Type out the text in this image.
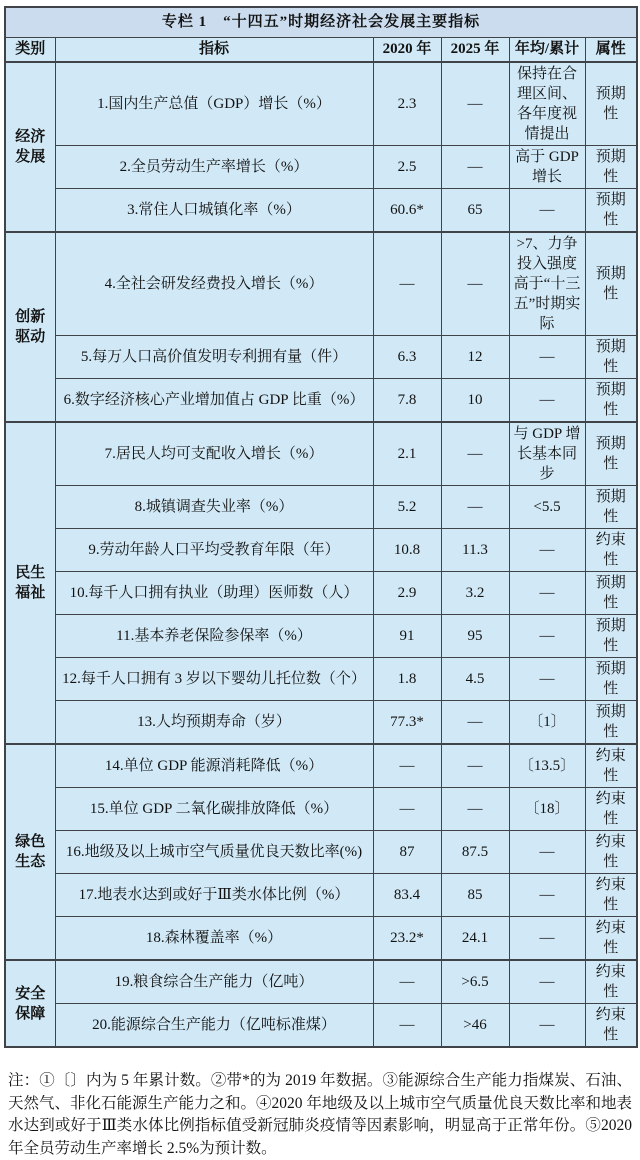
专栏 1　“十四五”时期经济社会发展主要指标					
类别	指标	2020 年	2025 年	年均/累计	属性
经济发展	1.国内生产总值（GDP）增长（%）	2.3	—	保持在合理区间、各年度视情提出	预期性
	2.全员劳动生产率增长（%）	2.5	—	高于 GDP 增长	预期性
	3.常住人口城镇化率（%）	60.6*	65	—	预期性
创新驱动	4.全社会研发经费投入增长（%）	—	—	>7、力争投入强度高于“十三五”时期实际	预期性
	5.每万人口高价值发明专利拥有量（件）	6.3	12	—	预期性
	6.数字经济核心产业增加值占 GDP 比重（%）	7.8	10	—	预期性
民生福祉	7.居民人均可支配收入增长（%）	2.1	—	与 GDP 增长基本同步	预期性
	8.城镇调查失业率（%）	5.2	—	<5.5	预期性
	9.劳动年龄人口平均受教育年限（年）	10.8	11.3	—	约束性
	10.每千人口拥有执业（助理）医师数（人）	2.9	3.2	—	预期性
	11.基本养老保险参保率（%）	91	95	—	预期性
	12.每千人口拥有 3 岁以下婴幼儿托位数（个）	1.8	4.5	—	预期性
	13.人均预期寿命（岁）	77.3*	—	〔1〕	预期性
绿色生态	14.单位 GDP 能源消耗降低（%）	—	—	〔13.5〕	约束性
	15.单位 GDP 二氧化碳排放降低（%）	—	—	〔18〕	约束性
	16.地级及以上城市空气质量优良天数比率(%)	87	87.5	—	约束性
	17.地表水达到或好于Ⅲ类水体比例（%）	83.4	85	—	约束性
	18.森林覆盖率（%）	23.2*	24.1	—	约束性
安全保障	19.粮食综合生产能力（亿吨）	—	>6.5	—	约束性
	20.能源综合生产能力（亿吨标准煤）	—	>46	—	约束性

注：①〔〕内为 5 年累计数。②带*的为 2019 年数据。③能源综合生产能力指煤炭、石油、天然气、非化石能源生产能力之和。④2020 年地级及以上城市空气质量优良天数比率和地表水达到或好于Ⅲ类水体比例指标值受新冠肺炎疫情等因素影响，明显高于正常年份。⑤2020 年全员劳动生产率增长 2.5%为预计数。
